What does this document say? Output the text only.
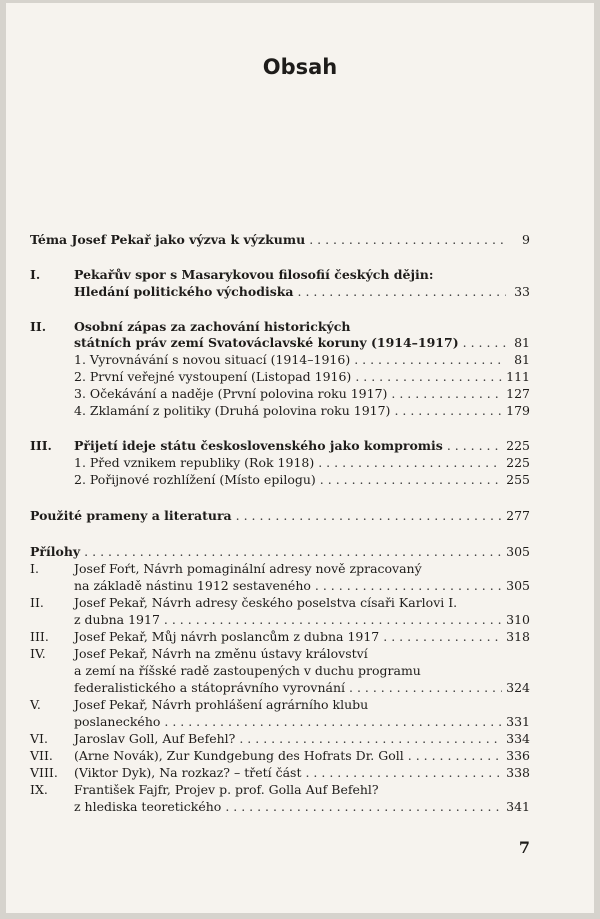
Obsah
Téma Josef Pekař jako výzva k výzkumu . . .	9
I.	Pekařův spor s Masarykovou filosofií českých dějin:
Hledání politického východiska . . .	33
II.	Osobní zápas za zachování historických
státních práv zemí Svatováclavské koruny (1914–1917) . . .	81
1. Vyrovnávání s novou situací (1914–1916) . . .	81
2. První veřejné vystoupení (Listopad 1916) . . .	111
3. Očekávání a naděje (První polovina roku 1917) . . .	127
4. Zklamání z politiky (Druhá polovina roku 1917) . . .	179
III.	Přijetí ideje státu československého jako kompromis . . .	225
1. Před vznikem republiky (Rok 1918) . . .	225
2. Pořijnové rozhlížení (Místo epilogu) . . .	255
Použité prameny a literatura . . .	277
Přílohy . . .	305
I.	Josef Foŕt, Návrh pomaginální adresy nově zpracovaný
na základě nástinu 1912 sestaveného . . .	305
II.	Josef Pekař, Návrh adresy českého poselstva císaři Karlovi I.
z dubna 1917 . . .	310
III.	Josef Pekař, Můj návrh poslancům z dubna 1917 . . .	318
IV.	Josef Pekař, Návrh na změnu ústavy království
a zemí na říšské radě zastoupených v duchu programu
federalistického a státoprávního vyrovnání . . .	324
V.	Josef Pekař, Návrh prohlášení agrárního klubu
poslaneckého . . .	331
VI.	Jaroslav Goll, Auf Befehl? . . .	334
VII.	(Arne Novák), Zur Kundgebung des Hofrats Dr. Goll . . .	336
VIII.	(Viktor Dyk), Na rozkaz? – třetí část . . .	338
IX.	František Fajfr, Projev p. prof. Golla Auf Befehl?
z hlediska teoretického . . .	341
7
